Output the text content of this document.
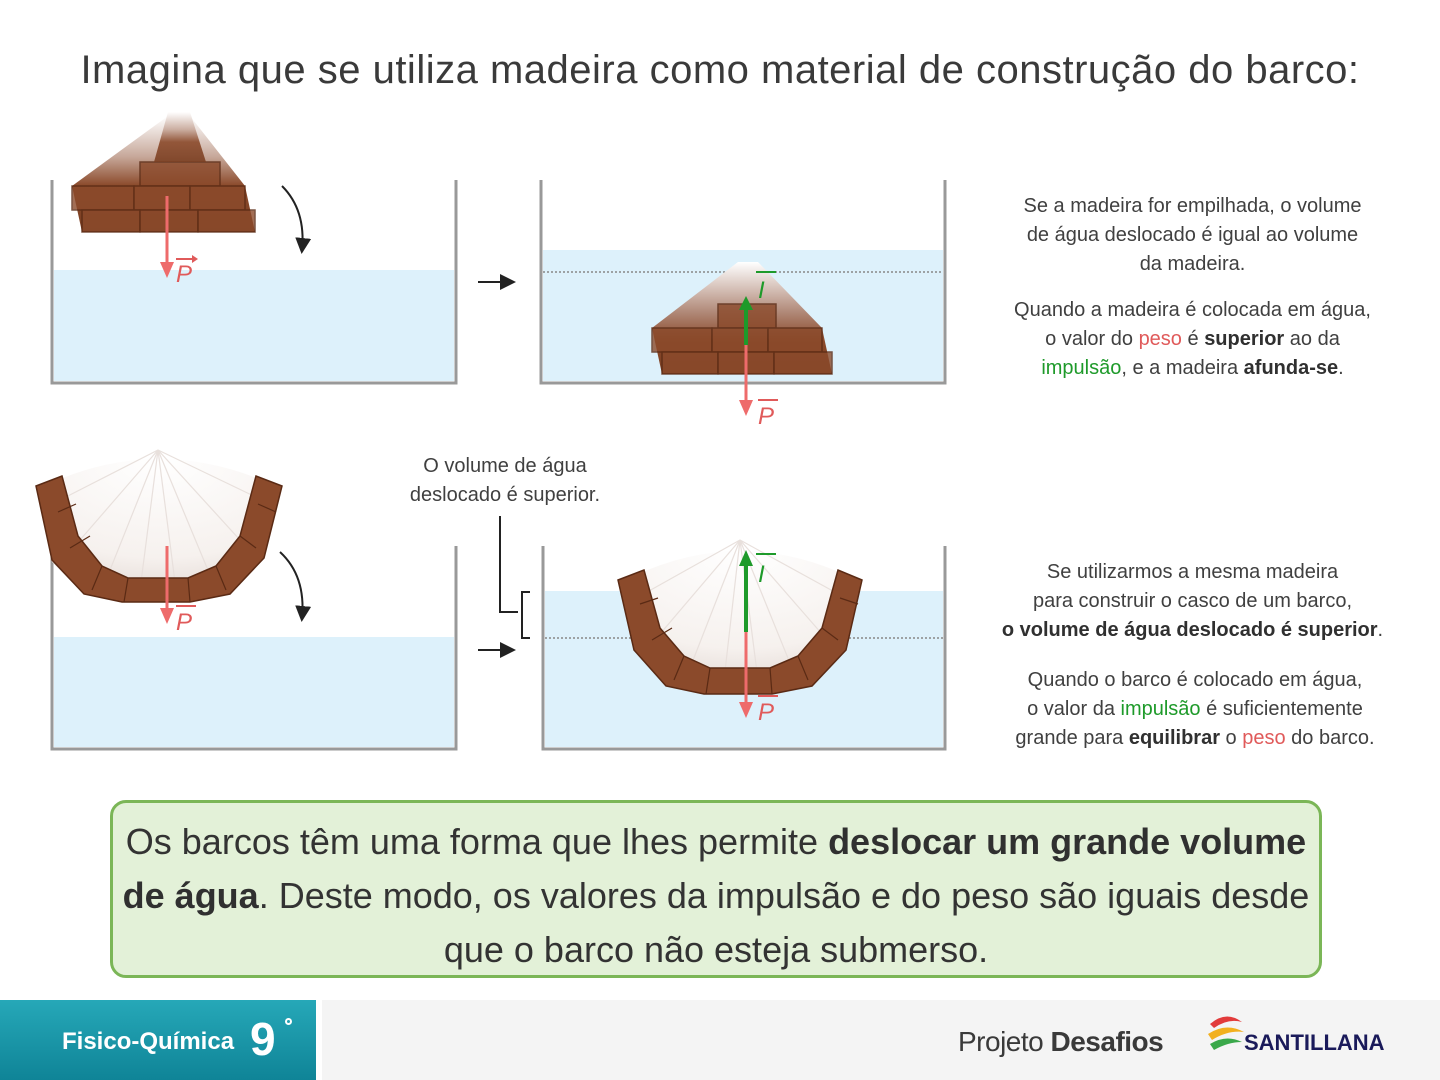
Imagina que se utiliza madeira como material de construção do barco:
P
I
P
P
I
P
O volume de água
deslocado é superior.
Se a madeira for empilhada, o volume
de água deslocado é igual ao volume
da madeira.
Quando a madeira é colocada em água,
o valor do peso é superior ao da
impulsão, e a madeira afunda-se.
Se utilizarmos a mesma madeira
para construir o casco de um barco,
o volume de água deslocado é superior.
Quando o barco é colocado em água,
o valor da impulsão é suficientemente
grande para equilibrar o peso do barco.
Os barcos têm uma forma que lhes permite deslocar um grande volume de água. Deste modo, os valores da impulsão e do peso são iguais desde que o barco não esteja submerso.
Fisico-Química 9	Projeto Desafios	SANTILLANA
